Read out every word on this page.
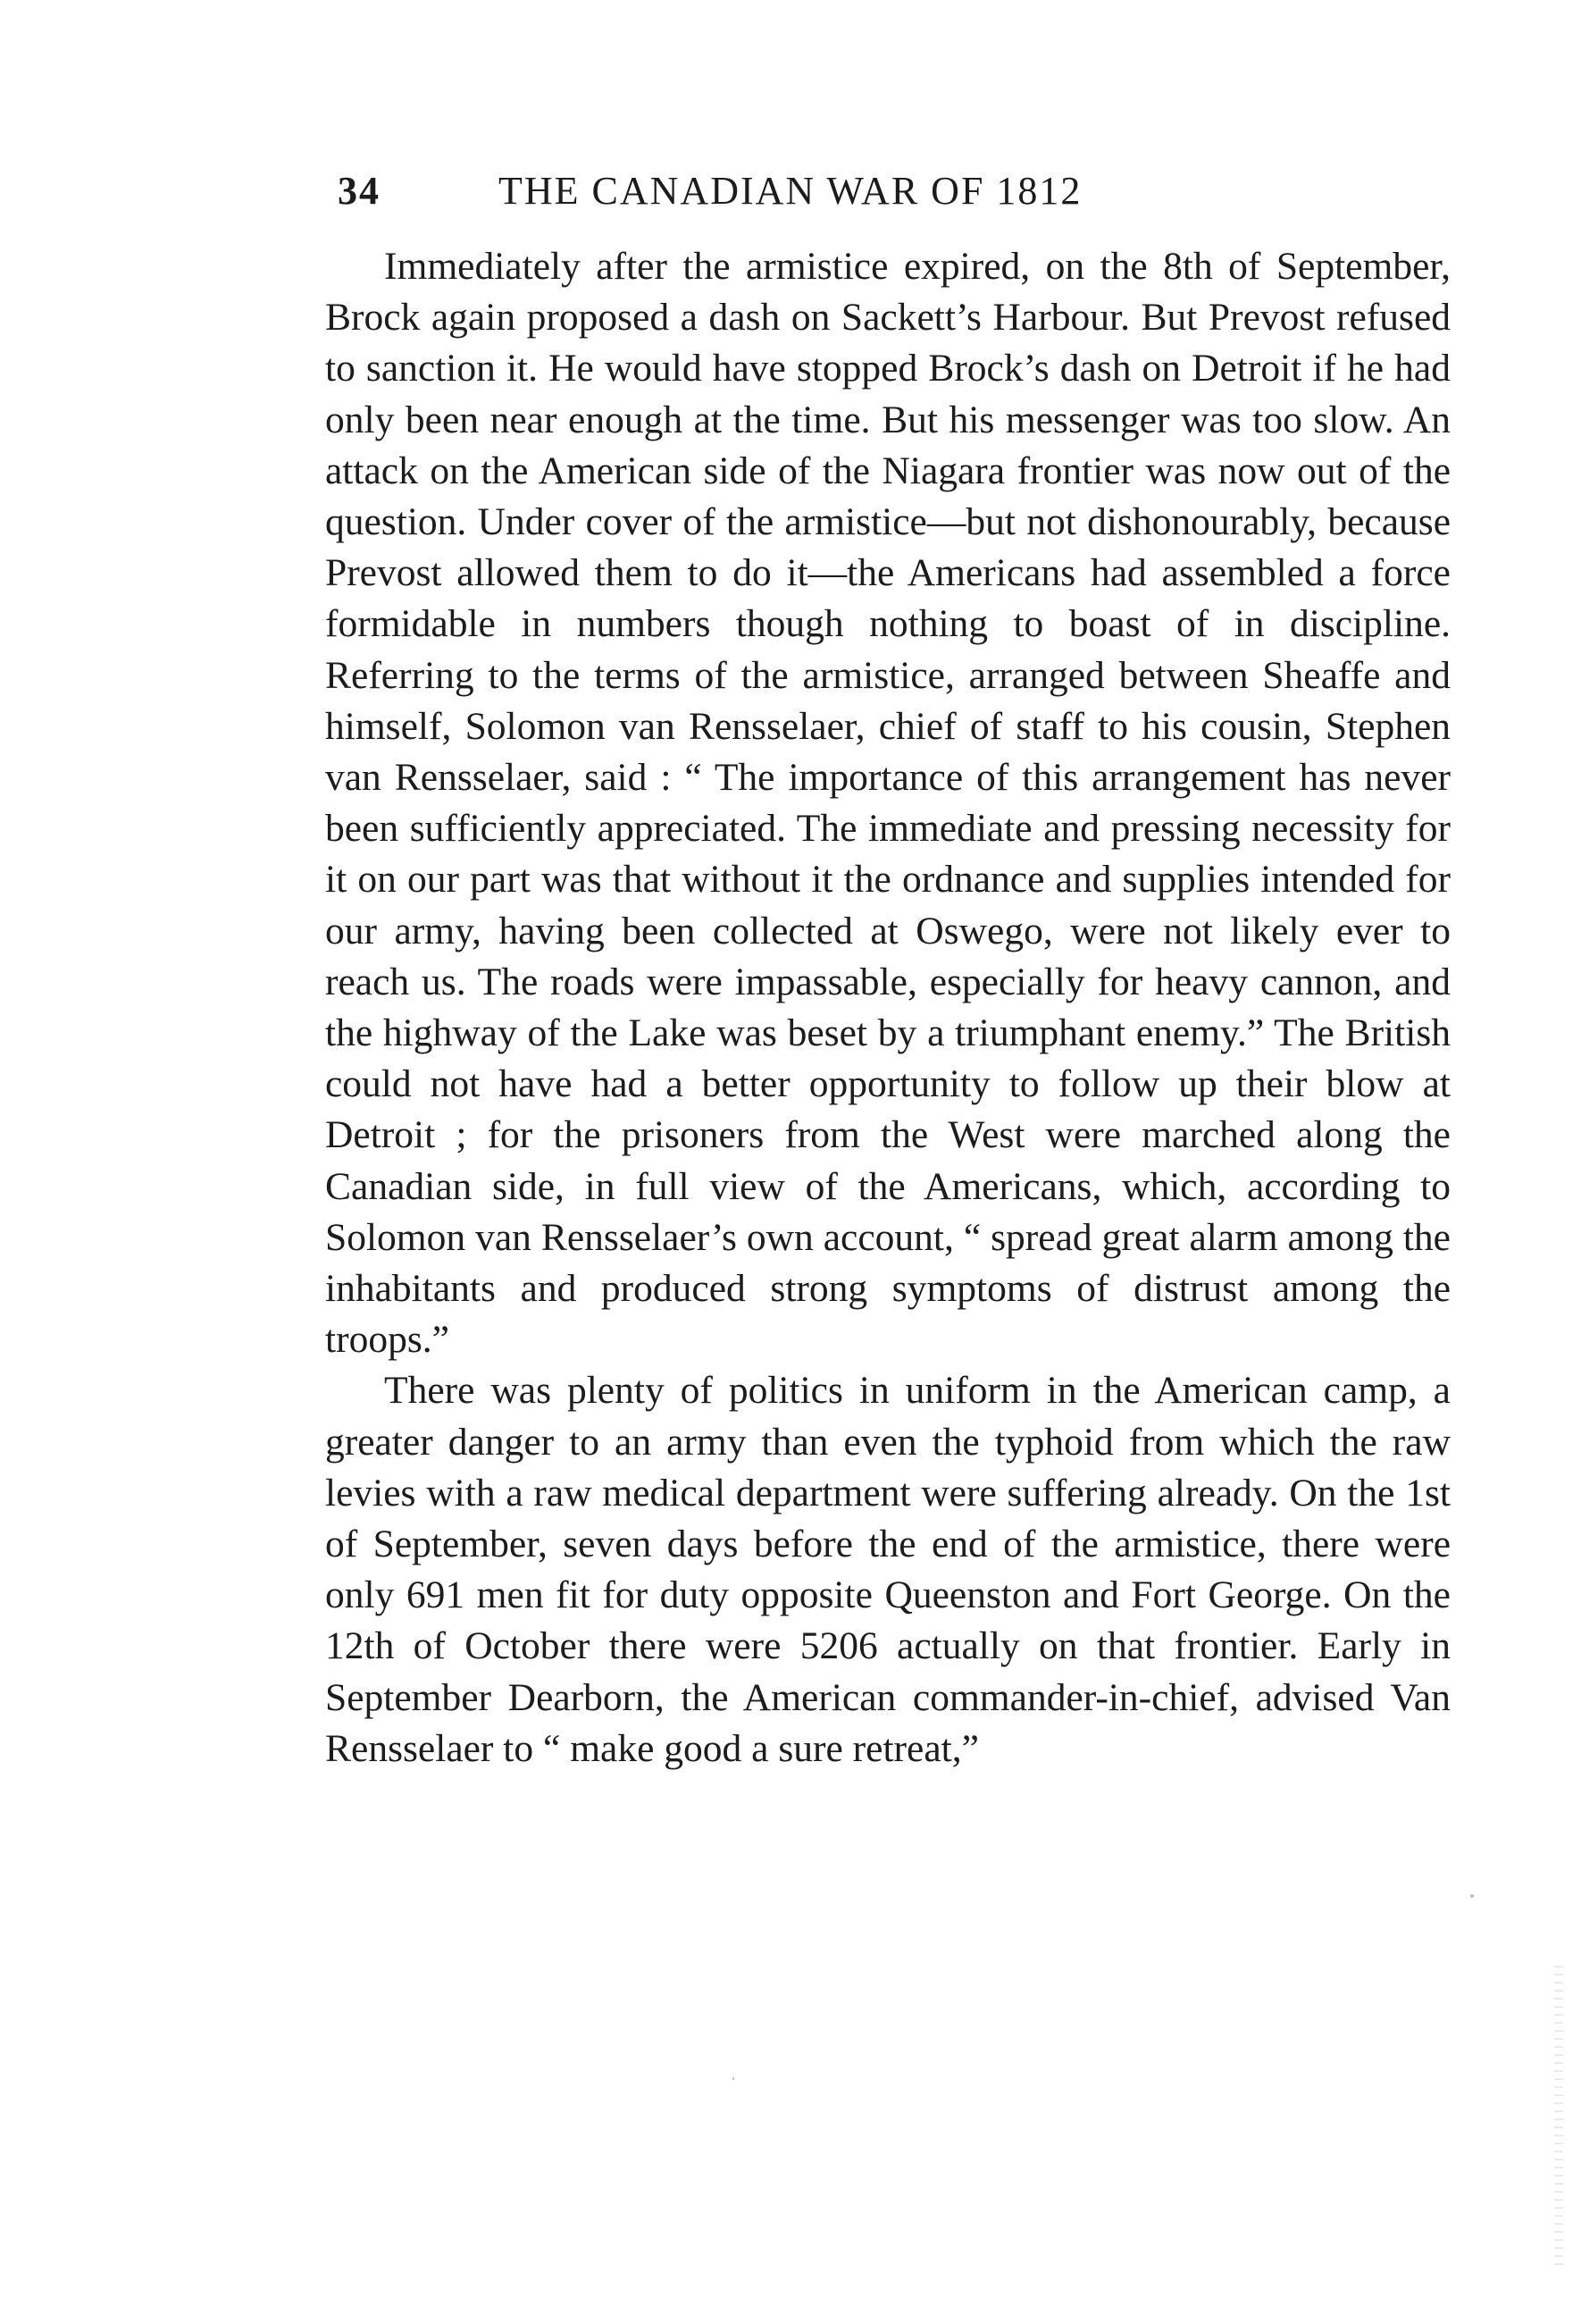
34	THE CANADIAN WAR OF 1812

Immediately after the armistice expired, on the 8th of September, Brock again proposed a dash on Sackett’s Harbour. But Prevost refused to sanction it. He would have stopped Brock’s dash on Detroit if he had only been near enough at the time. But his messenger was too slow. An attack on the American side of the Niagara frontier was now out of the question. Under cover of the armistice—but not dishonourably, because Prevost allowed them to do it—the Americans had assembled a force formidable in numbers though nothing to boast of in discipline. Referring to the terms of the armistice, arranged between Sheaffe and himself, Solomon van Rensselaer, chief of staff to his cousin, Stephen van Rensselaer, said : “ The importance of this arrangement has never been sufficiently appreciated. The immediate and pressing necessity for it on our part was that without it the ordnance and supplies intended for our army, having been collected at Oswego, were not likely ever to reach us. The roads were impassable, especially for heavy cannon, and the highway of the Lake was beset by a triumphant enemy.” The British could not have had a better opportunity to follow up their blow at Detroit ; for the prisoners from the West were marched along the Canadian side, in full view of the Americans, which, according to Solomon van Rensselaer’s own account, “ spread great alarm among the inhabitants and produced strong symptoms of distrust among the troops.”

There was plenty of politics in uniform in the American camp, a greater danger to an army than even the typhoid from which the raw levies with a raw medical department were suffering already. On the 1st of September, seven days before the end of the armistice, there were only 691 men fit for duty opposite Queenston and Fort George. On the 12th of October there were 5206 actually on that frontier. Early in September Dearborn, the American commander-in-chief, advised Van Rensselaer to “ make good a sure retreat,”
